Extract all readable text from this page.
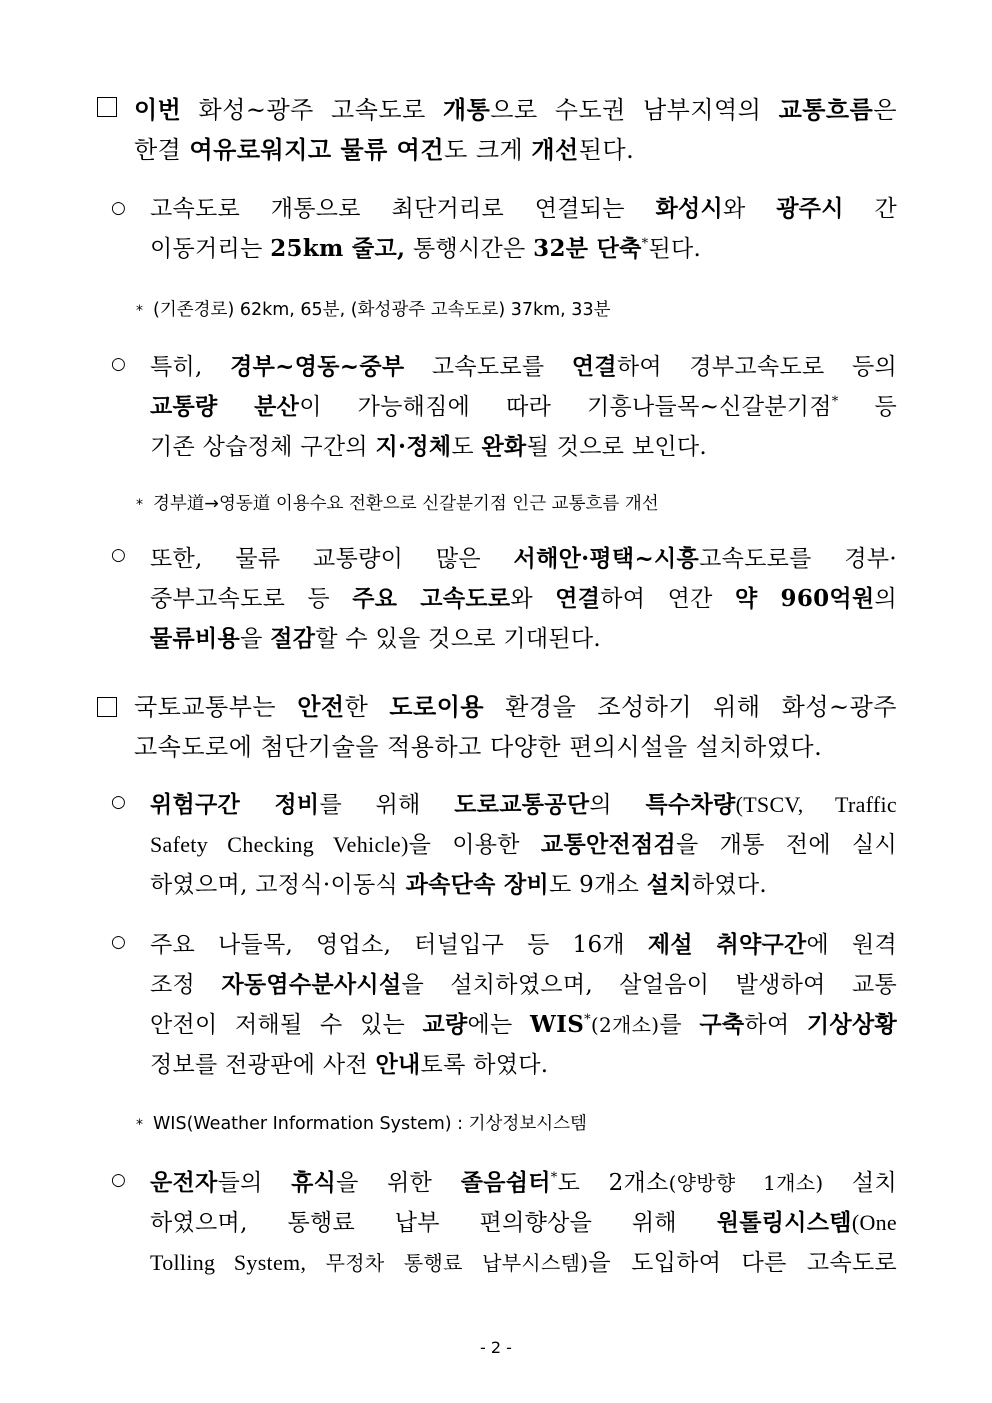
이번 화성~광주 고속도로 개통으로 수도권 남부지역의 교통흐름은
한결 여유로워지고 물류 여건도 크게 개선된다.
○ 고속도로 개통으로 최단거리로 연결되는 화성시와 광주시 간
이동거리는 25km 줄고, 통행시간은 32분 단축*된다.
* (기존경로) 62km, 65분, (화성광주 고속도로) 37km, 33분
○ 특히, 경부~영동~중부 고속도로를 연결하여 경부고속도로 등의
교통량 분산이 가능해짐에 따라 기흥나들목~신갈분기점* 등
기존 상습정체 구간의 지·정체도 완화될 것으로 보인다.
* 경부道→영동道 이용수요 전환으로 신갈분기점 인근 교통흐름 개선
○ 또한, 물류 교통량이 많은 서해안·평택~시흥고속도로를 경부·
중부고속도로 등 주요 고속도로와 연결하여 연간 약 960억원의
물류비용을 절감할 수 있을 것으로 기대된다.
국토교통부는 안전한 도로이용 환경을 조성하기 위해 화성~광주
고속도로에 첨단기술을 적용하고 다양한 편의시설을 설치하였다.
○ 위험구간 정비를 위해 도로교통공단의 특수차량(TSCV, Traffic
Safety Checking Vehicle)을 이용한 교통안전점검을 개통 전에 실시
하였으며, 고정식·이동식 과속단속 장비도 9개소 설치하였다.
○ 주요 나들목, 영업소, 터널입구 등 16개 제설 취약구간에 원격
조정 자동염수분사시설을 설치하였으며, 살얼음이 발생하여 교통
안전이 저해될 수 있는 교량에는 WIS*(2개소)를 구축하여 기상상황
정보를 전광판에 사전 안내토록 하였다.
* WIS(Weather Information System) : 기상정보시스템
○ 운전자들의 휴식을 위한 졸음쉼터*도 2개소(양방향 1개소) 설치
하였으며, 통행료 납부 편의향상을 위해 원톨링시스템(One
Tolling System, 무정차 통행료 납부시스템)을 도입하여 다른 고속도로
- 2 -
